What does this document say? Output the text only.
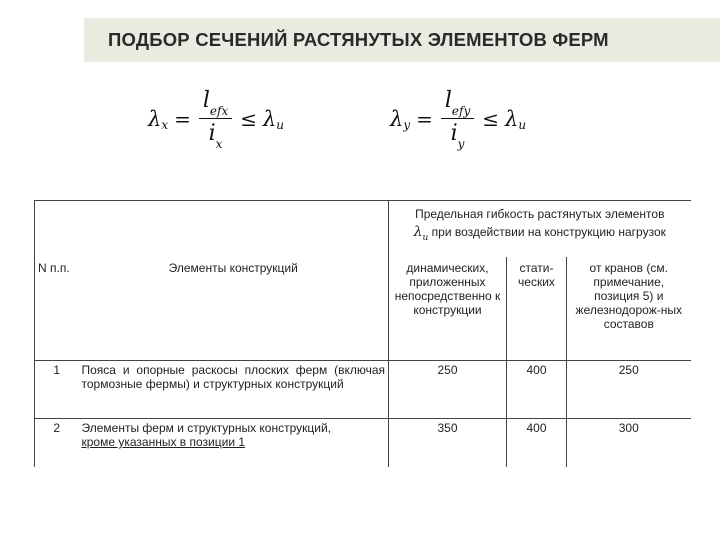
ПОДБОР СЕЧЕНИЙ РАСТЯНУТЫХ ЭЛЕМЕНТОВ ФЕРМ
λ $x = \frac{l_{efx}}{i_x} \le \lambda$ u	λ $y = \frac{l_{efy}}{i_y} \le \lambda$ u

		Предельная гибкость растянутых элементов
$\lambda_u$ при воздействии на конструкцию нагрузок		

N п.п.	Элементы конструкций	динамических, приложенных непосредственно к конструкции	стати-ческих	от кранов (см. примечание, позиция 5) и железнодорож-ных составов
1	Пояса и опорные раскосы плоских ферм (включая тормозные фермы) и структурных конструкций	250	400	250
2	Элементы ферм и структурных конструкций,
кроме указанных в позиции 1	350	400	300
